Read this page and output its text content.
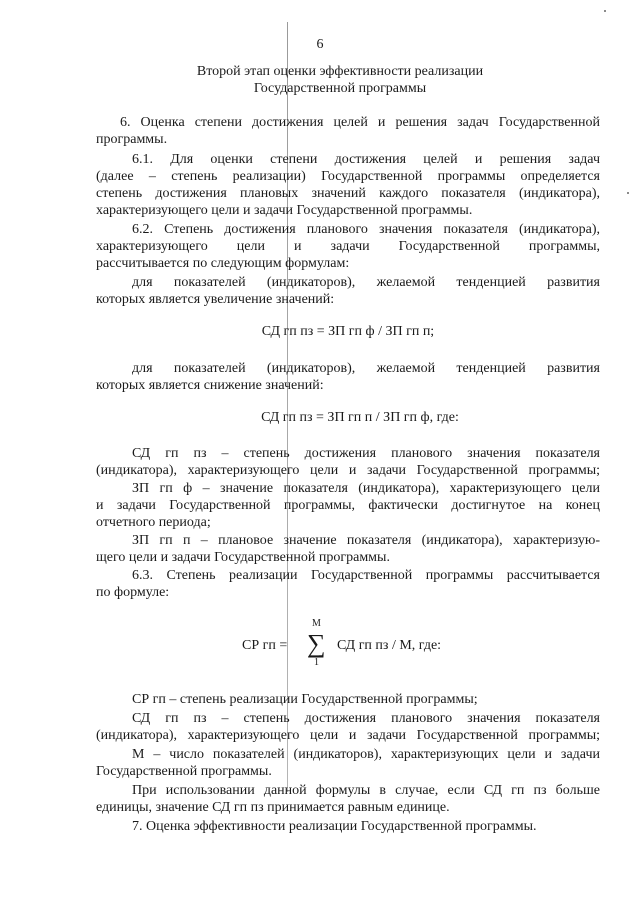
6
Второй этап оценки эффективности реализации
Государственной программы
6. Оценка степени достижения целей и решения задач Государственной
программы.
6.1. Для оценки степени достижения целей и решения задач
(далее – степень реализации) Государственной программы определяется
степень достижения плановых значений каждого показателя (индикатора),
характеризующего цели и задачи Государственной программы.
6.2. Степень достижения планового значения показателя (индикатора),
характеризующего цели и задачи Государственной программы,
рассчитывается по следующим формулам:
для показателей (индикаторов), желаемой тенденцией развития
которых является увеличение значений:
СД гп пз = ЗП гп ф / ЗП гп п;
для показателей (индикаторов), желаемой тенденцией развития
которых является снижение значений:
СД гп пз = ЗП гп п / ЗП гп ф, где:
СД гп пз – степень достижения планового значения показателя
(индикатора), характеризующего цели и задачи Государственной программы;
ЗП гп ф – значение показателя (индикатора), характеризующего цели
и задачи Государственной программы, фактически достигнутое на конец
отчетного периода;
ЗП гп п – плановое значение показателя (индикатора), характеризую-
щего цели и задачи Государственной программы.
6.3. Степень реализации Государственной программы рассчитывается
по формуле:
СР гп =
М
∑
1
СД гп пз / М, где:
СР гп – степень реализации Государственной программы;
СД гп пз – степень достижения планового значения показателя
(индикатора), характеризующего цели и задачи Государственной программы;
М – число показателей (индикаторов), характеризующих цели и задачи
Государственной программы.
При использовании данной формулы в случае, если СД гп пз больше
единицы, значение СД гп пз принимается равным единице.
7. Оценка эффективности реализации Государственной программы.
